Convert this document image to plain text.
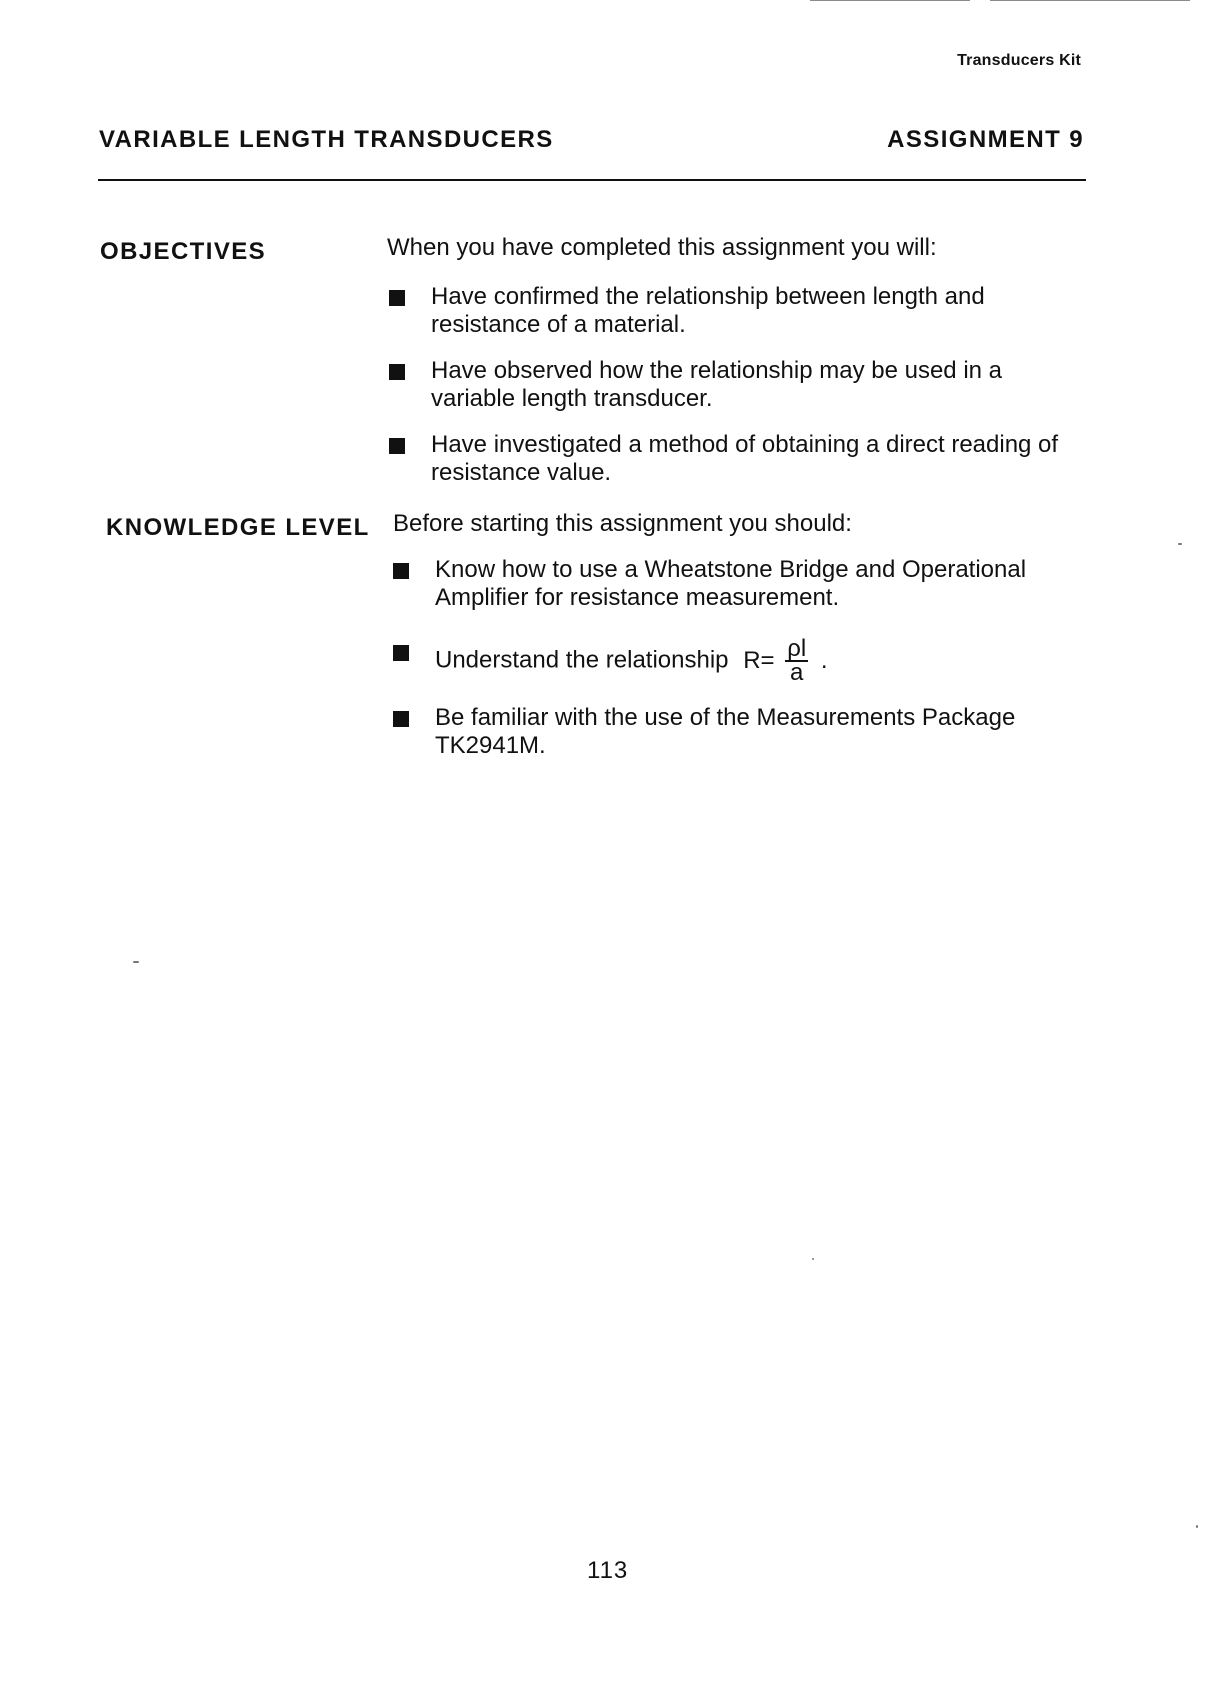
Transducers Kit
VARIABLE LENGTH TRANSDUCERS	ASSIGNMENT 9
OBJECTIVES	When you have completed this assignment you will:
Have confirmed the relationship between length and resistance of a material.
Have observed how the relationship may be used in a variable length transducer.
Have investigated a method of obtaining a direct reading of resistance value.
KNOWLEDGE LEVEL Before starting this assignment you should:
Know how to use a Wheatstone Bridge and Operational Amplifier for resistance measurement.
Understand the relationship $R= \frac{\rho l}{a}$ .
Be familiar with the use of the Measurements Package TK2941M.
113
